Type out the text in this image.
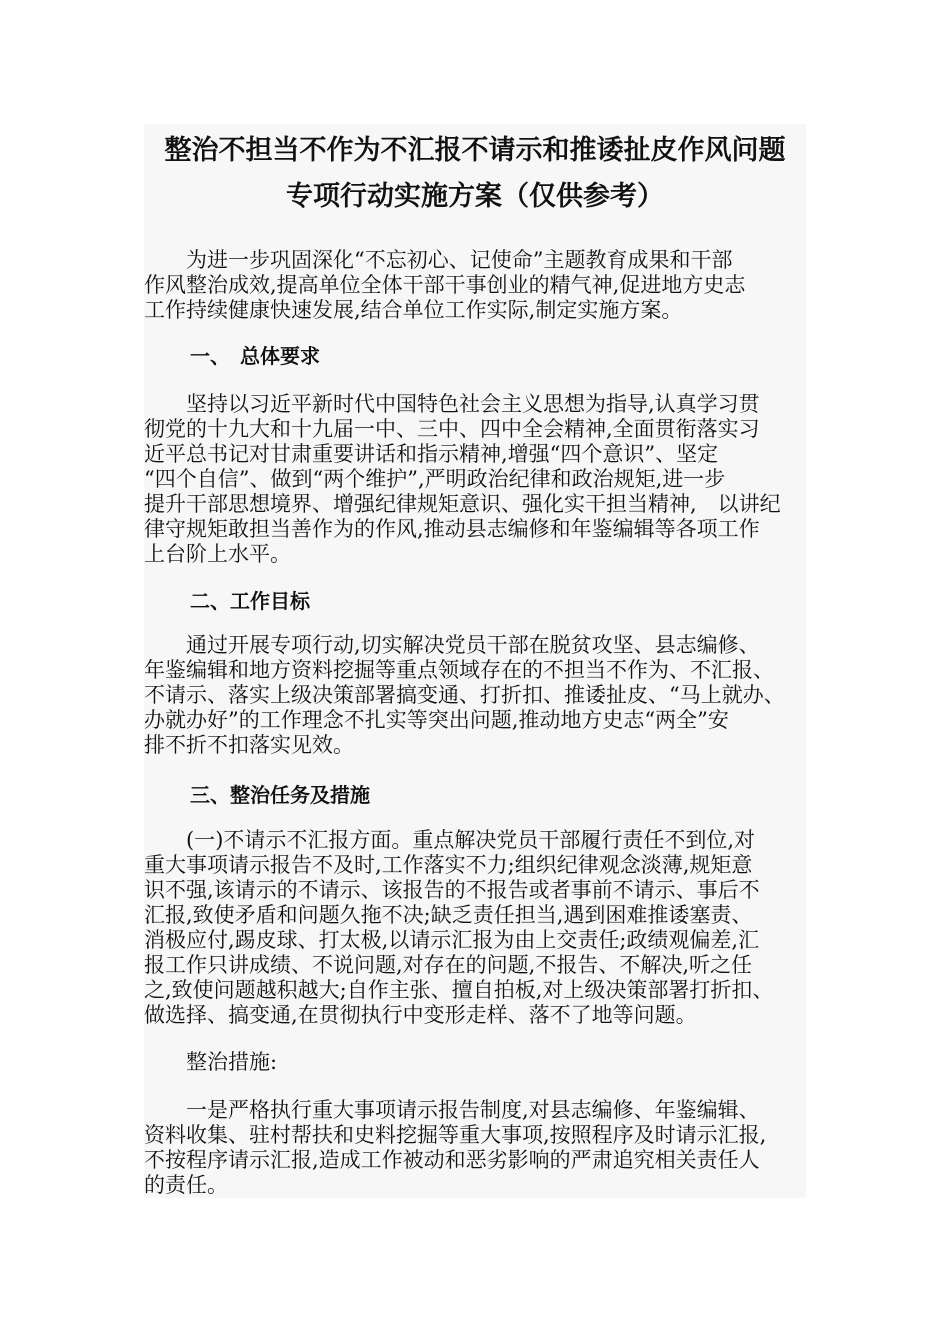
整治不担当不作为不汇报不请示和推诿扯皮作风问题
专项行动实施方案（仅供参考）

　　为进一步巩固深化“不忘初心、记使命”主题教育成果和干部
作风整治成效,提高单位全体干部干事创业的精气神,促进地方史志
工作持续健康快速发展,结合单位工作实际,制定实施方案。

一、　总体要求

　　坚持以习近平新时代中国特色社会主义思想为指导,认真学习贯
彻党的十九大和十九届一中、三中、四中全会精神,全面贯衔落实习
近平总书记对甘肃重要讲话和指示精神,增强“四个意识”、坚定
“四个自信”、做到“两个维护”,严明政治纪律和政治规矩,进一步
提升干部思想境界、增强纪律规矩意识、强化实干担当精神,　以讲纪
律守规矩敢担当善作为的作风,推动县志编修和年鉴编辑等各项工作
上台阶上水平。

二、工作目标

　　通过开展专项行动,切实解决党员干部在脱贫攻坚、县志编修、
年鉴编辑和地方资料挖掘等重点领域存在的不担当不作为、不汇报、
不请示、落实上级决策部署搞变通、打折扣、推诿扯皮、“马上就办、
办就办好”的工作理念不扎实等突出问题,推动地方史志“两全”安
排不折不扣落实见效。

三、整治任务及措施

　　(一)不请示不汇报方面。重点解决党员干部履行责任不到位,对
重大事项请示报告不及时,工作落实不力;组织纪律观念淡薄,规矩意
识不强,该请示的不请示、该报告的不报告或者事前不请示、事后不
汇报,致使矛盾和问题久拖不决;缺乏责任担当,遇到困难推诿塞责、
消极应付,踢皮球、打太极,以请示汇报为由上交责任;政绩观偏差,汇
报工作只讲成绩、不说问题,对存在的问题,不报告、不解决,听之任
之,致使问题越积越大;自作主张、擅自拍板,对上级决策部署打折扣、
做选择、搞变通,在贯彻执行中变形走样、落不了地等问题。

　　整治措施:

　　一是严格执行重大事项请示报告制度,对县志编修、年鉴编辑、
资料收集、驻村帮扶和史料挖掘等重大事项,按照程序及时请示汇报,
不按程序请示汇报,造成工作被动和恶劣影响的严肃追究相关责任人
的责任。
